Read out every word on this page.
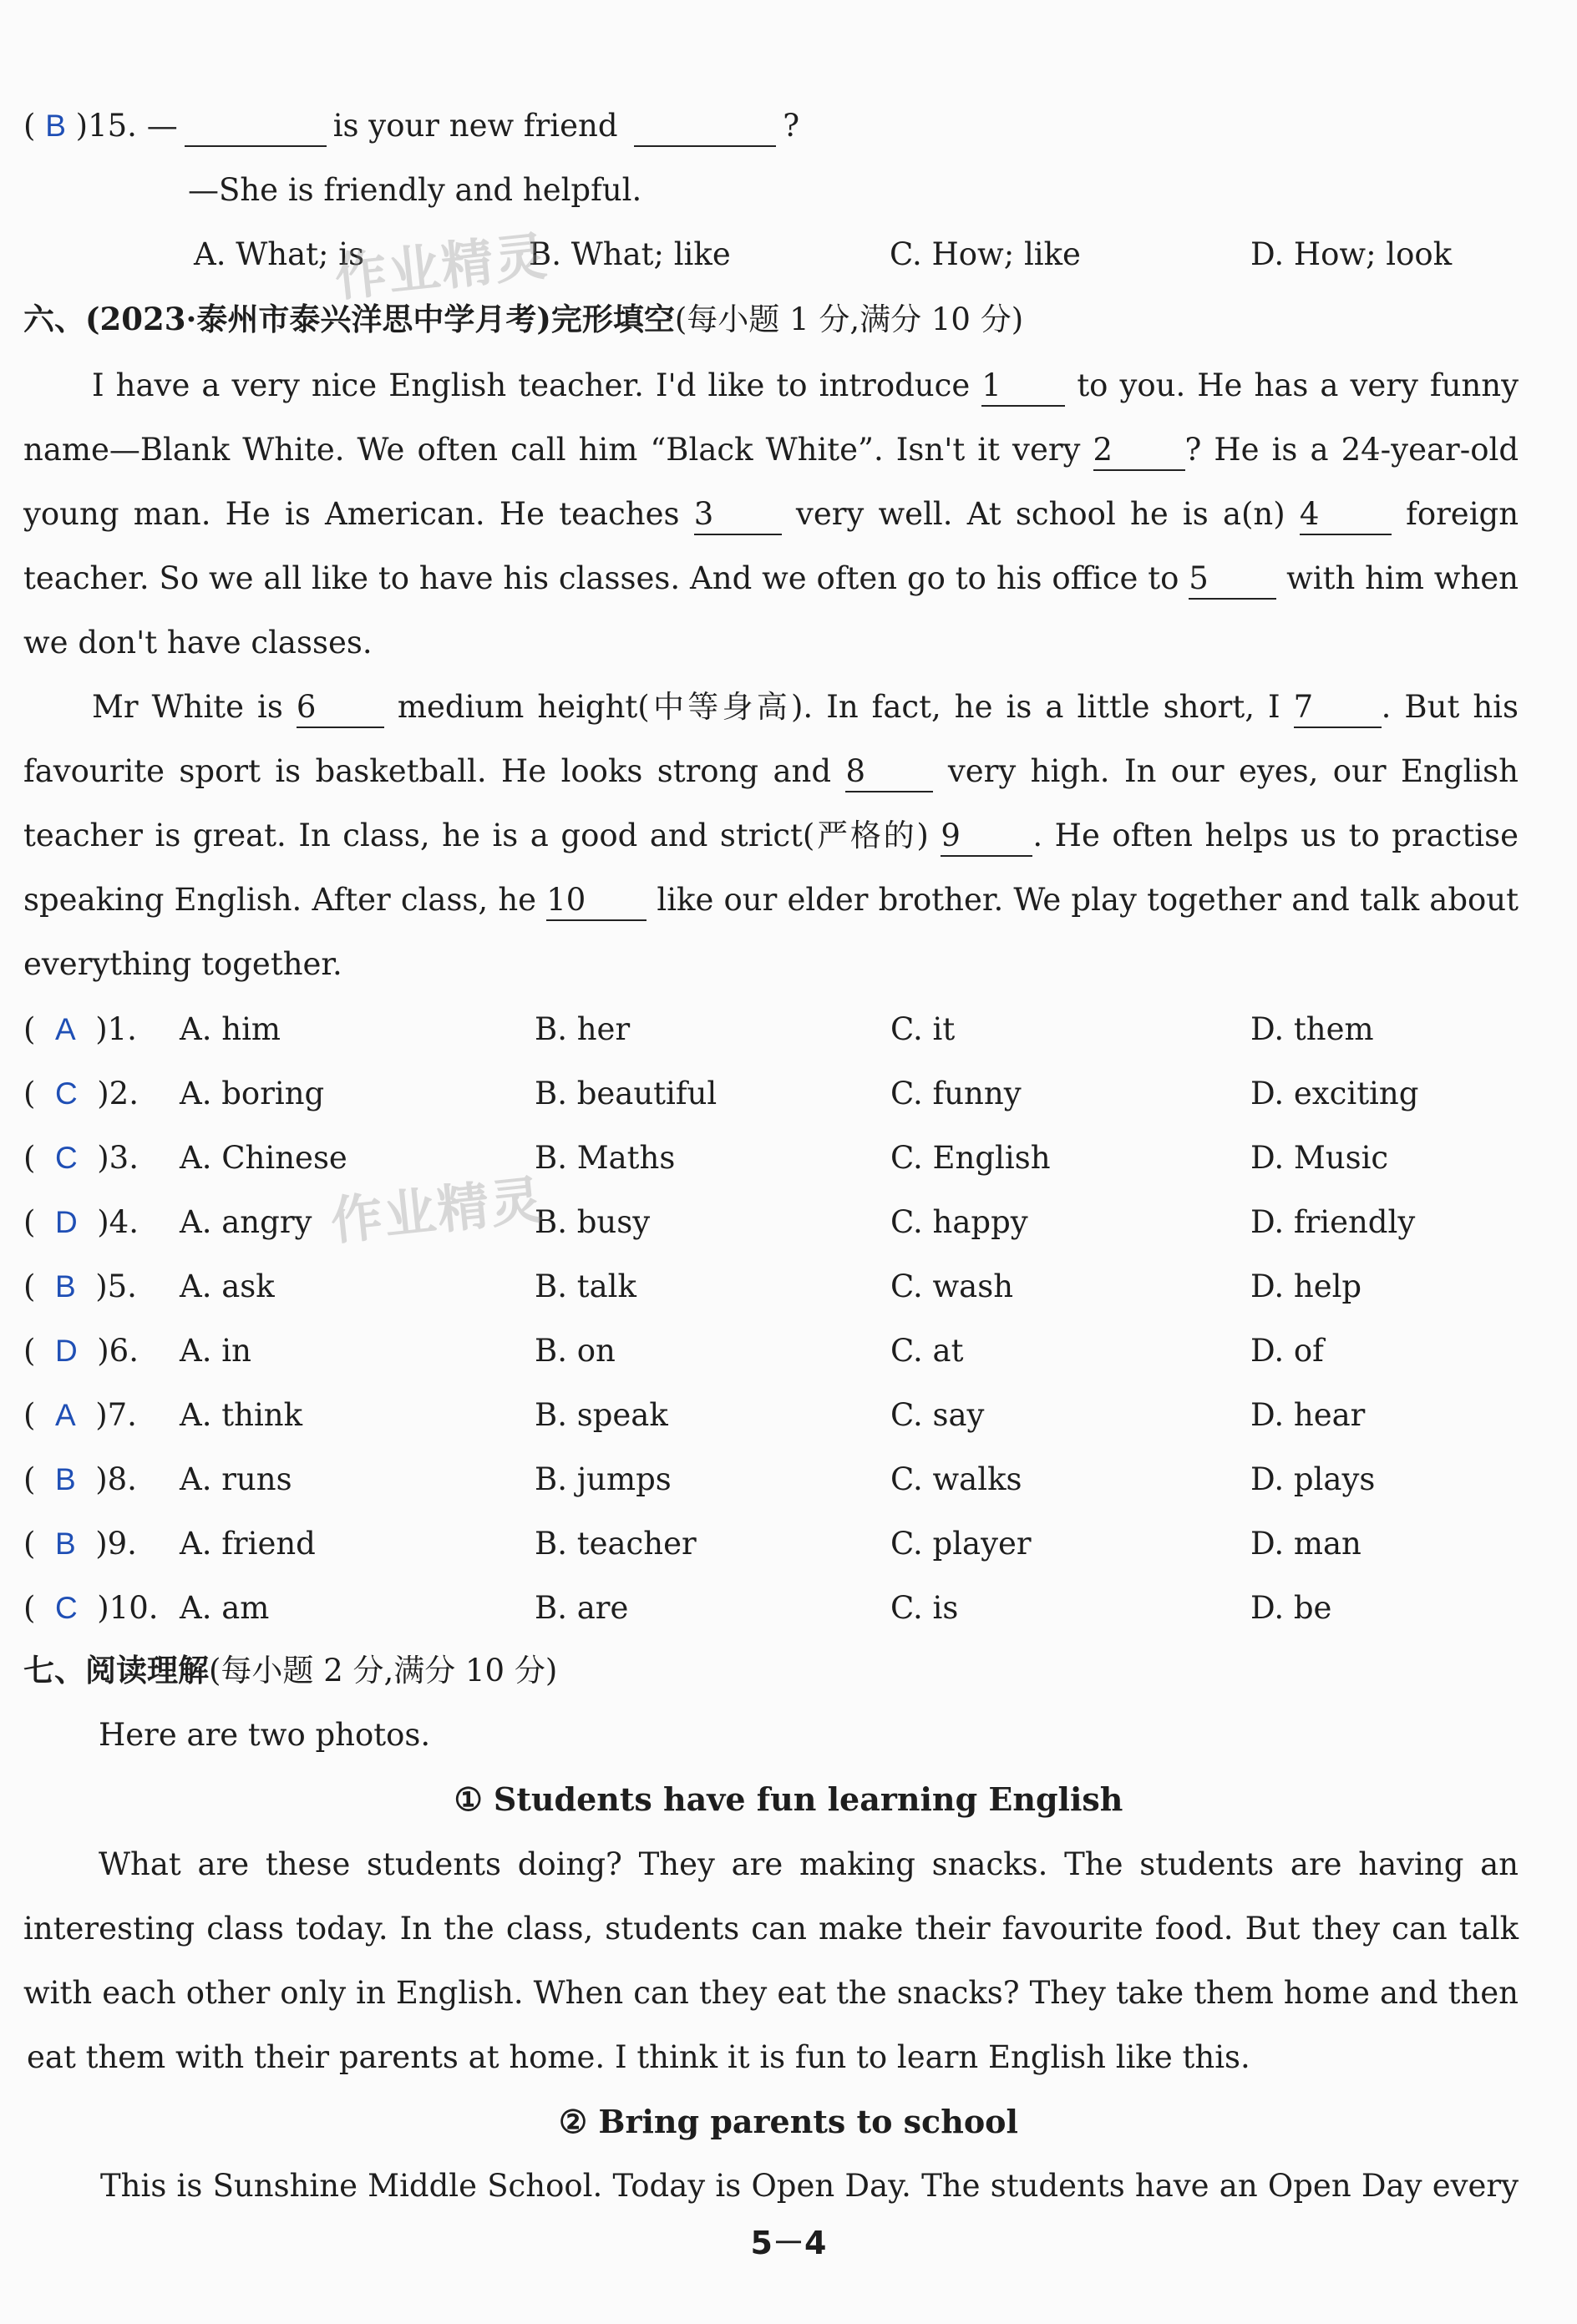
( B )15. —	is your new friend	?
—She is friendly and helpful.
A. What; is	B. What; like	C. How; like	D. How; look
六、(2023·泰州市泰兴洋思中学月考)完形填空(每小题 1 分,满分 10 分)
I have a very nice English teacher. I'd like to introduce 1 to you. He has a very funny
name—Blank White. We often call him “Black White”. Isn't it very 2 ? He is a 24-year-old
young man. He is American. He teaches 3	very well. At school he is a(n) 4	foreign
teacher. So we all like to have his classes. And we often go to his office to 5	with him when
we don't have classes.
Mr White is 6	medium height(中等身高). In fact, he is a little short, I 7 . But his
favourite sport is basketball. He looks strong and 8	very high. In our eyes, our English
teacher is great. In class, he is a good and strict(严格的) 9 . He often helps us to practise
speaking English. After class, he 10 like our elder brother. We play together and talk about
everything together.
(  A )1. A. him	B. her	C. it	D. them
(  C )2. A. boring	B. beautiful	C. funny	D. exciting
(  C )3. A. Chinese	B. Maths	C. English	D. Music
(  D )4. A. angry	B. busy	C. happy	D. friendly
(  B )5. A. ask	B. talk	C. wash	D. help
(  D )6. A. in	B. on	C. at	D. of
(  A )7. A. think	B. speak	C. say	D. hear
(  B )8. A. runs	B. jumps	C. walks	D. plays
(  B )9. A. friend	B. teacher	C. player	D. man
(  C )10. A. am	B. are	C. is	D. be
七、阅读理解(每小题 2 分,满分 10 分)
Here are two photos.
① Students have fun learning English
What are these students doing? They are making snacks. The students are having an
interesting class today. In the class, students can make their favourite food. But they can talk
with each other only in English. When can they eat the snacks? They take them home and then
eat them with their parents at home. I think it is fun to learn English like this.
② Bring parents to school
This is Sunshine Middle School. Today is Open Day. The students have an Open Day every
作业精灵
作业精灵
5－4
